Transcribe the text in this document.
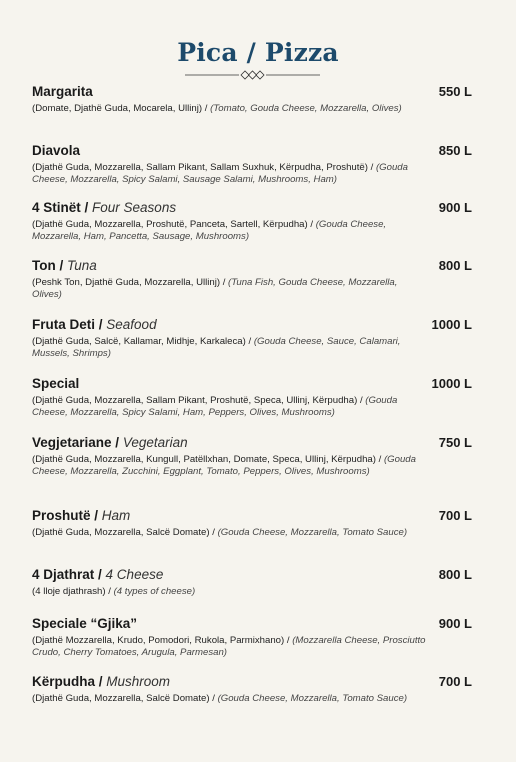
Pica / Pizza
Margarita	550 L
(Domate, Djathë Guda, Mocarela, Ullinj) / (Tomato, Gouda Cheese, Mozzarella, Olives)
Diavola	850 L
(Djathë Guda, Mozzarella, Sallam Pikant, Sallam Suxhuk, Kërpudha, Proshutë) / (Gouda Cheese, Mozzarella, Spicy Salami, Sausage Salami, Mushrooms, Ham)
4 Stinët / Four Seasons	900 L
(Djathë Guda, Mozzarella, Proshutë, Panceta, Sartell, Kërpudha) / (Gouda Cheese, Mozzarella, Ham, Pancetta, Sausage, Mushrooms)
Ton / Tuna	800 L
(Peshk Ton, Djathë Guda, Mozzarella, Ullinj) / (Tuna Fish, Gouda Cheese, Mozzarella, Olives)
Fruta Deti / Seafood	1000 L
(Djathë Guda, Salcë, Kallamar, Midhje, Karkaleca) / (Gouda Cheese, Sauce, Calamari, Mussels, Shrimps)
Special	1000 L
(Djathë Guda, Mozzarella, Sallam Pikant, Proshutë, Speca, Ullinj, Kërpudha) / (Gouda Cheese, Mozzarella, Spicy Salami, Ham, Peppers, Olives, Mushrooms)
Vegjetariane / Vegetarian	750 L
(Djathë Guda, Mozzarella, Kungull, Patëllxhan, Domate, Speca, Ullinj, Kërpudha) / (Gouda Cheese, Mozzarella, Zucchini, Eggplant, Tomato, Peppers, Olives, Mushrooms)
Proshutë / Ham	700 L
(Djathë Guda, Mozzarella, Salcë Domate) / (Gouda Cheese, Mozzarella, Tomato Sauce)
4 Djathrat / 4 Cheese	800 L
(4 lloje djathrash) / (4 types of cheese)
Speciale “Gjika”	900 L
(Djathë Mozzarella, Krudo, Pomodori, Rukola, Parmixhano) / (Mozzarella Cheese, Prosciutto Crudo, Cherry Tomatoes, Arugula, Parmesan)
Kërpudha / Mushroom	700 L
(Djathë Guda, Mozzarella, Salcë Domate) / (Gouda Cheese, Mozzarella, Tomato Sauce)
